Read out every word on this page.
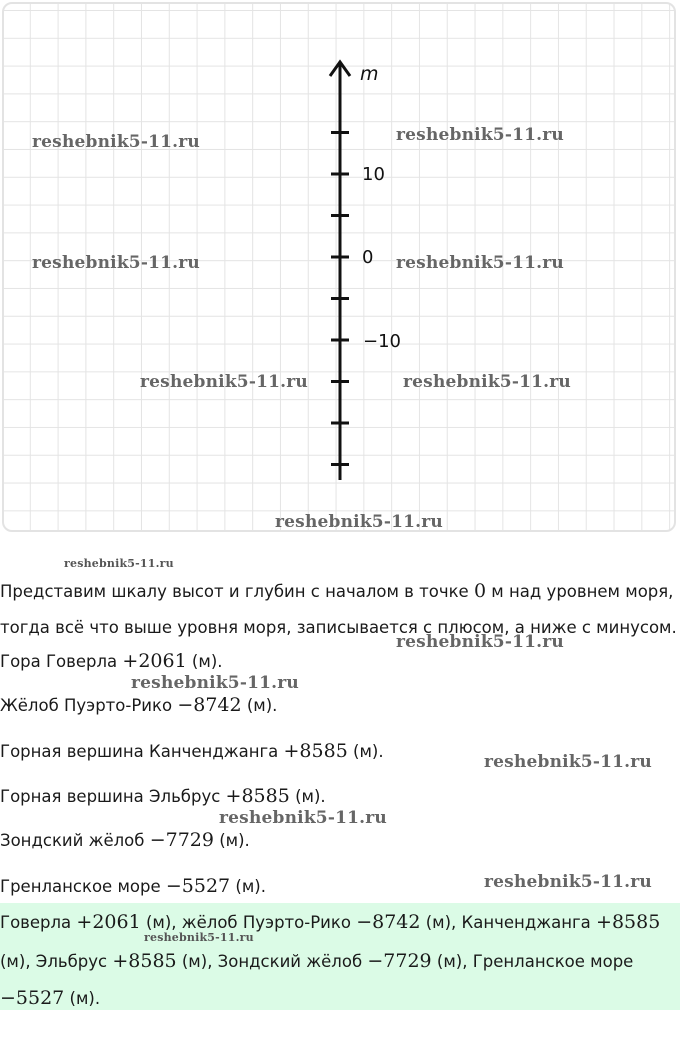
m
10
0
−10
reshebnik5-11.ru	reshebnik5-11.ru
reshebnik5-11.ru	reshebnik5-11.ru
reshebnik5-11.ru	reshebnik5-11.ru
reshebnik5-11.ru
reshebnik5-11.ru
reshebnik5-11.ru
reshebnik5-11.ru
reshebnik5-11.ru
reshebnik5-11.ru
reshebnik5-11.ru
Представим шкалу высот и глубин с началом в точке 0 м над уровнем моря,
тогда всё что выше уровня моря, записывается с плюсом, а ниже с минусом.
Гора Говерла +2061 (м).
Жёлоб Пуэрто-Рико −8742 (м).
Горная вершина Канченджанга +8585 (м).
Горная вершина Эльбрус +8585 (м).
Зондский жёлоб −7729 (м).
Гренланское море −5527 (м).
Говерла +2061 (м), жёлоб Пуэрто-Рико −8742 (м), Канченджанга +8585
(м), Эльбрус +8585 (м), Зондский жёлоб −7729 (м), Гренланское море
−5527 (м).
reshebnik5-11.ru
